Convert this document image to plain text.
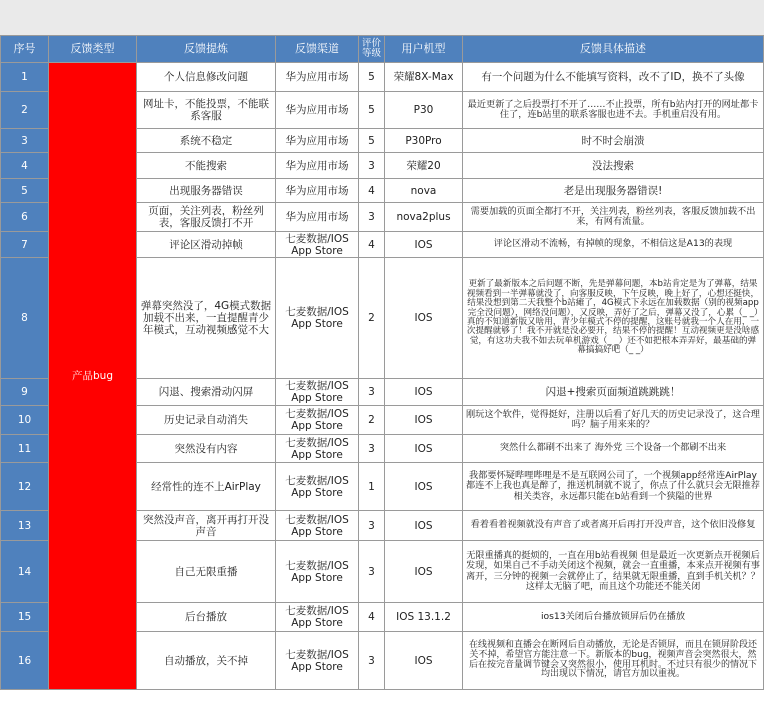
序号	反馈类型	反馈提炼	反馈渠道	评价等级	用户机型	反馈具体描述
1	产品bug	个人信息修改问题	华为应用市场	5	荣耀8X-Max	有一个问题为什么不能填写资料，改不了ID，换不了头像
2		网址卡，不能投票，不能联系客服	华为应用市场	5	P30	最近更新了之后投票打不开了……不止投票，所有b站内打开的网址都卡住了，连b站里的联系客服也进不去。手机重启没有用。
3		系统不稳定	华为应用市场	5	P30Pro	时不时会崩溃
4		不能搜索	华为应用市场	3	荣耀20	没法搜索
5		出现服务器错误	华为应用市场	4	nova	老是出现服务器错误!
6		页面，关注列表，粉丝列表，客服反馈打不开	华为应用市场	3	nova2plus	需要加载的页面全都打不开，关注列表，粉丝列表，客服反馈加载不出来，有网有流量。
7		评论区滑动掉帧	七麦数据/IOS App Store	4	IOS	评论区滑动不流畅，有掉帧的现象，不相信这是A13的表现
8		弹幕突然没了，4G模式数据加载不出来，一直提醒青少年模式，互动视频感觉不大	七麦数据/IOS App Store	2	IOS	更新了最新版本之后问题不断，先是弹幕问题，本b站肯定是为了弹幕，结果视频看到一半弹幕就没了，向客服反映，下午反映，晚上好了，心想还挺快，结果没想到第二天我整个b站瘫了，4G模式下永远在加载数据（别的视频app完全没问题），网络没问题），又反映，弄好了之后，弹幕又没了，心累（_ _）真的不知道新版又啥用，青少年模式不停的提醒，这账号就我一个人在用，一次提醒就够了！我不开就是没必要开，结果不停的提醒！互动视频更是没啥感觉，有这功夫我不如去玩单机游戏（_ _）还不如把根本弄弄好，最基础的弹幕搞搞好吧（_ _）
9		闪退、搜索滑动闪屏	七麦数据/IOS App Store	3	IOS	闪退+搜索页面频道跳跳跳！
10		历史记录自动消失	七麦数据/IOS App Store	2	IOS	刚玩这个软件，觉得挺好，注册以后看了好几天的历史记录没了，这合理吗？脑子用来来的？
11		突然没有内容	七麦数据/IOS App Store	3	IOS	突然什么都刷不出来了 海外党 三个设备一个都刷不出来
12		经常性的连不上AirPlay	七麦数据/IOS App Store	1	IOS	我都要怀疑哔哩哔哩是不是互联网公司了，一个视频app经常连AirPlay都连不上我也真是醉了，推送机制就不说了，你点了什么就只会无限推荐相关类容，永远都只能在b站看到一个狭隘的世界
13		突然没声音，离开再打开没声音	七麦数据/IOS App Store	3	IOS	看着看着视频就没有声音了或者离开后再打开没声音，这个依旧没修复
14		自己无限重播	七麦数据/IOS App Store	3	IOS	无限重播真的挺烦的，一直在用b站看视频 但是最近一次更新点开视频后发现，如果自己不手动关闭这个视频，就会一直重播，本来点开视频有事离开，三分钟的视频一会就停止了，结果就无限重播，直到手机关机？？这样太无脑了吧，而且这个功能还不能关闭
15		后台播放	七麦数据/IOS App Store	4	IOS 13.1.2	ios13关闭后台播放锁屏后仍在播放
16		自动播放，关不掉	七麦数据/IOS App Store	3	IOS	在线视频和直播会在断网后自动播放，无论是否锁屏，而且在锁屏阶段还关不掉，希望官方能注意一下。新版本的bug，视频声音会突然很大，然后在按完音量调节键会又突然很小，使用耳机时。不过只有很少的情况下均出现以下情况，请官方加以重视。
